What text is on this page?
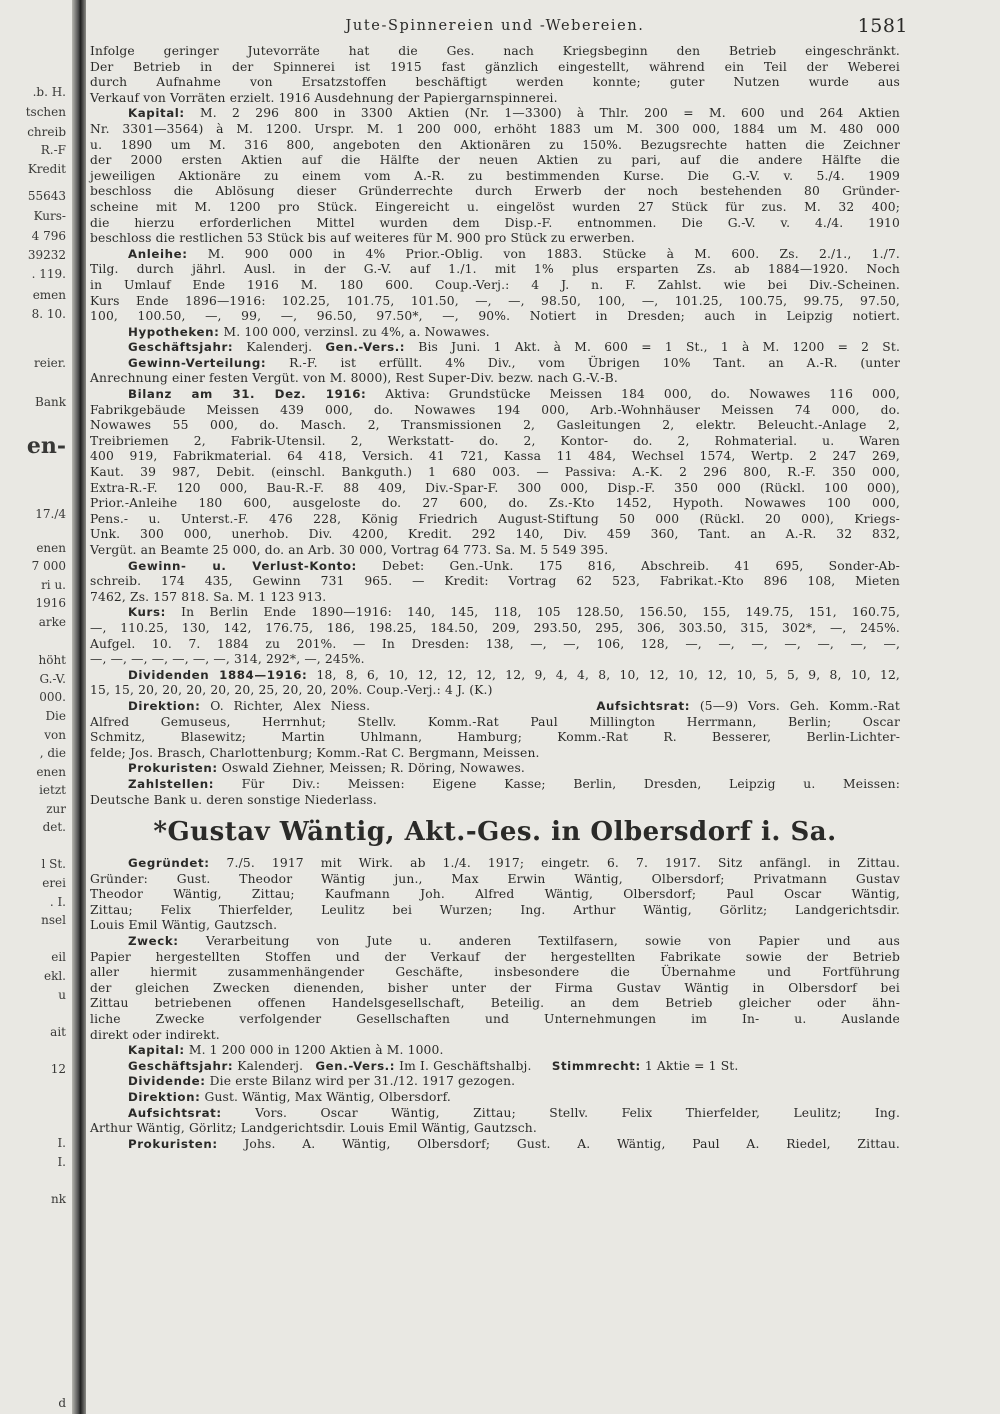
.b. H.
tschen
chreib
R.-F
Kredit
55643
Kurs-
4 796
39232
. 119.
emen
8. 10.
reier.
Bank
en-
17./4
enen
7 000
ri u.
1916
arke
höht
G.-V.
000.
Die
von
, die
enen
ietzt
zur
det.
l St.
erei
. I.
nsel
eil
ekl.
u
ait
12
I.
I.
nk
d
Jute-Spinnereien und -Webereien.	1581
Infolge geringer Jutevorräte hat die Ges. nach Kriegsbeginn den Betrieb eingeschränkt.
Der Betrieb in der Spinnerei ist 1915 fast gänzlich eingestellt, während ein Teil der Weberei
durch Aufnahme von Ersatzstoffen beschäftigt werden konnte; guter Nutzen wurde aus
Verkauf von Vorräten erzielt. 1916 Ausdehnung der Papiergarnspinnerei.
Kapital: M. 2 296 800 in 3300 Aktien (Nr. 1—3300) à Thlr. 200 = M. 600 und 264 Aktien
Nr. 3301—3564) à M. 1200. Urspr. M. 1 200 000, erhöht 1883 um M. 300 000, 1884 um M. 480 000
u. 1890 um M. 316 800, angeboten den Aktionären zu 150%. Bezugsrechte hatten die Zeichner
der 2000 ersten Aktien auf die Hälfte der neuen Aktien zu pari, auf die andere Hälfte die
jeweiligen Aktionäre zu einem vom A.-R. zu bestimmenden Kurse. Die G.-V. v. 5./4. 1909
beschloss die Ablösung dieser Gründerrechte durch Erwerb der noch bestehenden 80 Gründer-
scheine mit M. 1200 pro Stück. Eingereicht u. eingelöst wurden 27 Stück für zus. M. 32 400;
die hierzu erforderlichen Mittel wurden dem Disp.-F. entnommen. Die G.-V. v. 4./4. 1910
beschloss die restlichen 53 Stück bis auf weiteres für M. 900 pro Stück zu erwerben.
Anleihe: M. 900 000 in 4% Prior.-Oblig. von 1883. Stücke à M. 600. Zs. 2./1., 1./7.
Tilg. durch jährl. Ausl. in der G.-V. auf 1./1. mit 1% plus ersparten Zs. ab 1884—1920. Noch
in Umlauf Ende 1916 M. 180 600. Coup.-Verj.: 4 J. n. F. Zahlst. wie bei Div.-Scheinen.
Kurs Ende 1896—1916: 102.25, 101.75, 101.50, —, —, 98.50, 100, —, 101.25, 100.75, 99.75, 97.50,
100, 100.50, —, 99, —, 96.50, 97.50*, —, 90%. Notiert in Dresden; auch in Leipzig notiert.
Hypotheken: M. 100 000, verzinsl. zu 4%, a. Nowawes.
Geschäftsjahr: Kalenderj. Gen.-Vers.: Bis Juni. 1 Akt. à M. 600 = 1 St., 1 à M. 1200 = 2 St.
Gewinn-Verteilung: R.-F. ist erfüllt. 4% Div., vom Übrigen 10% Tant. an A.-R. (unter
Anrechnung einer festen Vergüt. von M. 8000), Rest Super-Div. bezw. nach G.-V.-B.
Bilanz am 31. Dez. 1916: Aktiva: Grundstücke Meissen 184 000, do. Nowawes 116 000,
Fabrikgebäude Meissen 439 000, do. Nowawes 194 000, Arb.-Wohnhäuser Meissen 74 000, do.
Nowawes 55 000, do. Masch. 2, Transmissionen 2, Gasleitungen 2, elektr. Beleucht.-Anlage 2,
Treibriemen 2, Fabrik-Utensil. 2, Werkstatt- do. 2, Kontor- do. 2, Rohmaterial. u. Waren
400 919, Fabrikmaterial. 64 418, Versich. 41 721, Kassa 11 484, Wechsel 1574, Wertp. 2 247 269,
Kaut. 39 987, Debit. (einschl. Bankguth.) 1 680 003. — Passiva: A.-K. 2 296 800, R.-F. 350 000,
Extra-R.-F. 120 000, Bau-R.-F. 88 409, Div.-Spar-F. 300 000, Disp.-F. 350 000 (Rückl. 100 000),
Prior.-Anleihe 180 600, ausgeloste do. 27 600, do. Zs.-Kto 1452, Hypoth. Nowawes 100 000,
Pens.- u. Unterst.-F. 476 228, König Friedrich August-Stiftung 50 000 (Rückl. 20 000), Kriegs-
Unk. 300 000, unerhob. Div. 4200, Kredit. 292 140, Div. 459 360, Tant. an A.-R. 32 832,
Vergüt. an Beamte 25 000, do. an Arb. 30 000, Vortrag 64 773. Sa. M. 5 549 395.
Gewinn- u. Verlust-Konto: Debet: Gen.-Unk. 175 816, Abschreib. 41 695, Sonder-Ab-
schreib. 174 435, Gewinn 731 965. — Kredit: Vortrag 62 523, Fabrikat.-Kto 896 108, Mieten
7462, Zs. 157 818. Sa. M. 1 123 913.
Kurs: In Berlin Ende 1890—1916: 140, 145, 118, 105 128.50, 156.50, 155, 149.75, 151, 160.75,
—, 110.25, 130, 142, 176.75, 186, 198.25, 184.50, 209, 293.50, 295, 306, 303.50, 315, 302*, —, 245%.
Aufgel. 10. 7. 1884 zu 201%. — In Dresden: 138, —, —, 106, 128, —, —, —, —, —, —, —,
—, —, —, —, —, —, —, 314, 292*, —, 245%.
Dividenden 1884—1916: 18, 8, 6, 10, 12, 12, 12, 12, 9, 4, 4, 8, 10, 12, 10, 12, 10, 5, 5, 9, 8, 10, 12,
15, 15, 20, 20, 20, 20, 20, 25, 20, 20, 20%. Coup.-Verj.: 4 J. (K.)
Direktion: O. Richter, Alex Niess.	Aufsichtsrat: (5—9) Vors. Geh. Komm.-Rat
Alfred Gemuseus, Herrnhut; Stellv. Komm.-Rat Paul Millington Herrmann, Berlin; Oscar
Schmitz, Blasewitz; Martin Uhlmann, Hamburg; Komm.-Rat R. Besserer, Berlin-Lichter-
felde; Jos. Brasch, Charlottenburg; Komm.-Rat C. Bergmann, Meissen.
Prokuristen: Oswald Ziehner, Meissen; R. Döring, Nowawes.
Zahlstellen: Für Div.: Meissen: Eigene Kasse; Berlin, Dresden, Leipzig u. Meissen:
Deutsche Bank u. deren sonstige Niederlass.
*Gustav Wäntig, Akt.-Ges. in Olbersdorf i. Sa.
Gegründet: 7./5. 1917 mit Wirk. ab 1./4. 1917; eingetr. 6. 7. 1917. Sitz anfängl. in Zittau.
Gründer: Gust. Theodor Wäntig jun., Max Erwin Wäntig, Olbersdorf; Privatmann Gustav
Theodor Wäntig, Zittau; Kaufmann Joh. Alfred Wäntig, Olbersdorf; Paul Oscar Wäntig,
Zittau; Felix Thierfelder, Leulitz bei Wurzen; Ing. Arthur Wäntig, Görlitz; Landgerichtsdir.
Louis Emil Wäntig, Gautzsch.
Zweck: Verarbeitung von Jute u. anderen Textilfasern, sowie von Papier und aus
Papier hergestellten Stoffen und der Verkauf der hergestellten Fabrikate sowie der Betrieb
aller hiermit zusammenhängender Geschäfte, insbesondere die Übernahme und Fortführung
der gleichen Zwecken dienenden, bisher unter der Firma Gustav Wäntig in Olbersdorf bei
Zittau betriebenen offenen Handelsgesellschaft, Beteilig. an dem Betrieb gleicher oder ähn-
liche Zwecke verfolgender Gesellschaften und Unternehmungen im In- u. Auslande
direkt oder indirekt.
Kapital: M. 1 200 000 in 1200 Aktien à M. 1000.
Geschäftsjahr: Kalenderj. Gen.-Vers.: Im I. Geschäftshalbj. Stimmrecht: 1 Aktie = 1 St.
Dividende: Die erste Bilanz wird per 31./12. 1917 gezogen.
Direktion: Gust. Wäntig, Max Wäntig, Olbersdorf.
Aufsichtsrat: Vors. Oscar Wäntig, Zittau; Stellv. Felix Thierfelder, Leulitz; Ing.
Arthur Wäntig, Görlitz; Landgerichtsdir. Louis Emil Wäntig, Gautzsch.
Prokuristen: Johs. A. Wäntig, Olbersdorf; Gust. A. Wäntig, Paul A. Riedel, Zittau.
